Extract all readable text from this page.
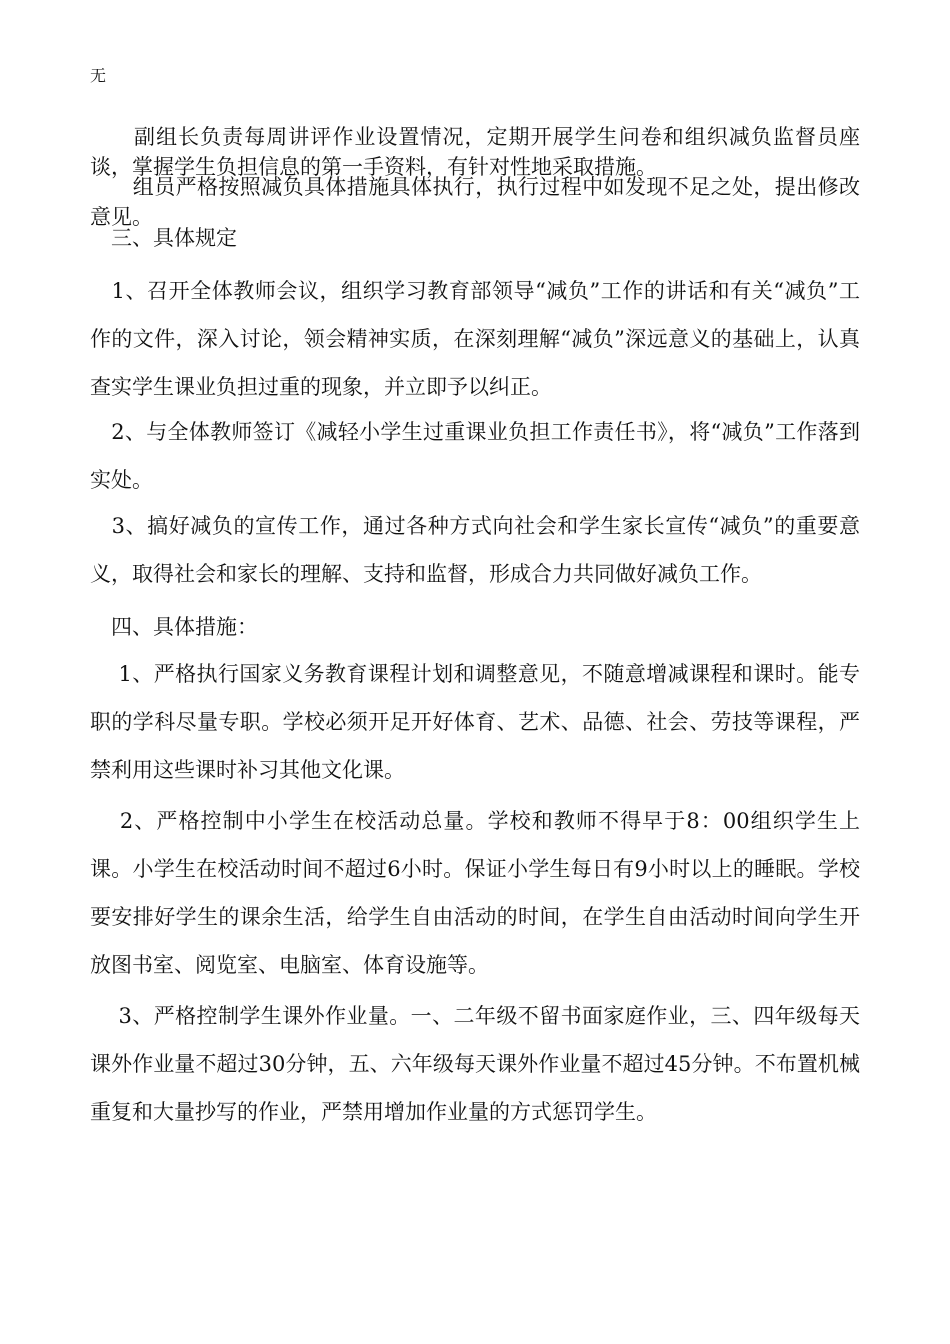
无

　　副组长负责每周讲评作业设置情况，定期开展学生问卷和组织减负监督员座谈，掌握学生负担信息的第一手资料，有针对性地采取措施。

　　组员严格按照减负具体措施具体执行，执行过程中如发现不足之处，提出修改意见。

　三、具体规定

　1、召开全体教师会议，组织学习教育部领导“减负”工作的讲话和有关“减负”工作的文件，深入讨论，领会精神实质，在深刻理解“减负”深远意义的基础上，认真查实学生课业负担过重的现象，并立即予以纠正。

　2、与全体教师签订《减轻小学生过重课业负担工作责任书》，将“减负”工作落到实处。

　3、搞好减负的宣传工作，通过各种方式向社会和学生家长宣传“减负”的重要意义，取得社会和家长的理解、支持和监督，形成合力共同做好减负工作。

　四、具体措施：

　 1、严格执行国家义务教育课程计划和调整意见，不随意增减课程和课时。能专职的学科尽量专职。学校必须开足开好体育、艺术、品德、社会、劳技等课程，严禁利用这些课时补习其他文化课。

　 2、严格控制中小学生在校活动总量。学校和教师不得早于8：00组织学生上课。小学生在校活动时间不超过6小时。保证小学生每日有9小时以上的睡眠。学校要安排好学生的课余生活，给学生自由活动的时间，在学生自由活动时间向学生开放图书室、阅览室、电脑室、体育设施等。

　 3、严格控制学生课外作业量。一、二年级不留书面家庭作业，三、四年级每天课外作业量不超过30分钟，五、六年级每天课外作业量不超过45分钟。不布置机械重复和大量抄写的作业，严禁用增加作业量的方式惩罚学生。
